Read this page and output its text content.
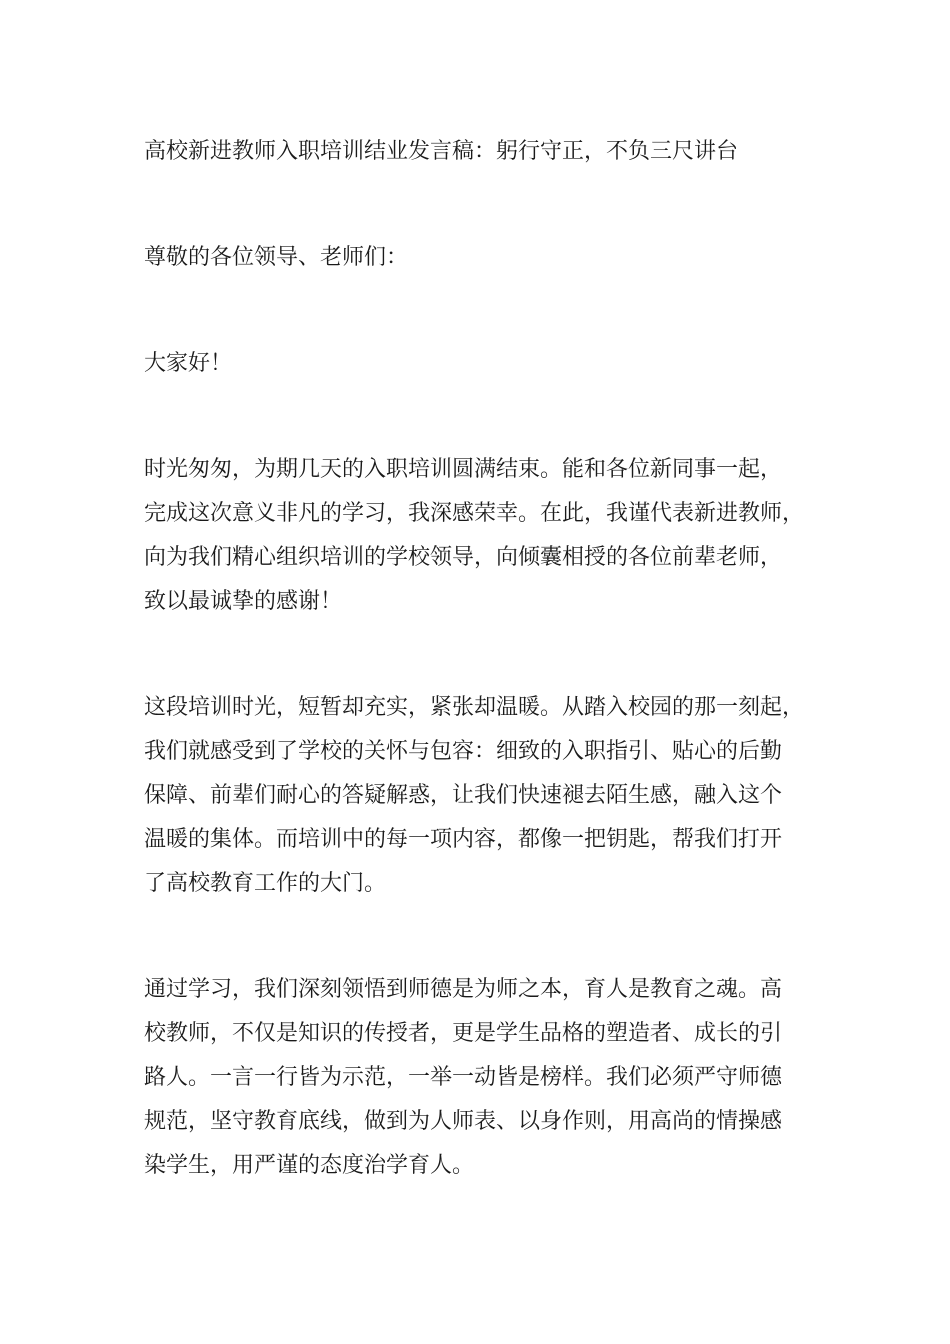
高校新进教师入职培训结业发言稿：躬行守正，不负三尺讲台

尊敬的各位领导、老师们：

大家好！

时光匆匆，为期几天的入职培训圆满结束。能和各位新同事一起，
完成这次意义非凡的学习，我深感荣幸。在此，我谨代表新进教师，
向为我们精心组织培训的学校领导，向倾囊相授的各位前辈老师，
致以最诚挚的感谢！

这段培训时光，短暂却充实，紧张却温暖。从踏入校园的那一刻起，
我们就感受到了学校的关怀与包容：细致的入职指引、贴心的后勤
保障、前辈们耐心的答疑解惑，让我们快速褪去陌生感，融入这个
温暖的集体。而培训中的每一项内容，都像一把钥匙，帮我们打开
了高校教育工作的大门。

通过学习，我们深刻领悟到师德是为师之本，育人是教育之魂。高
校教师，不仅是知识的传授者，更是学生品格的塑造者、成长的引
路人。一言一行皆为示范，一举一动皆是榜样。我们必须严守师德
规范，坚守教育底线，做到为人师表、以身作则，用高尚的情操感
染学生，用严谨的态度治学育人。
